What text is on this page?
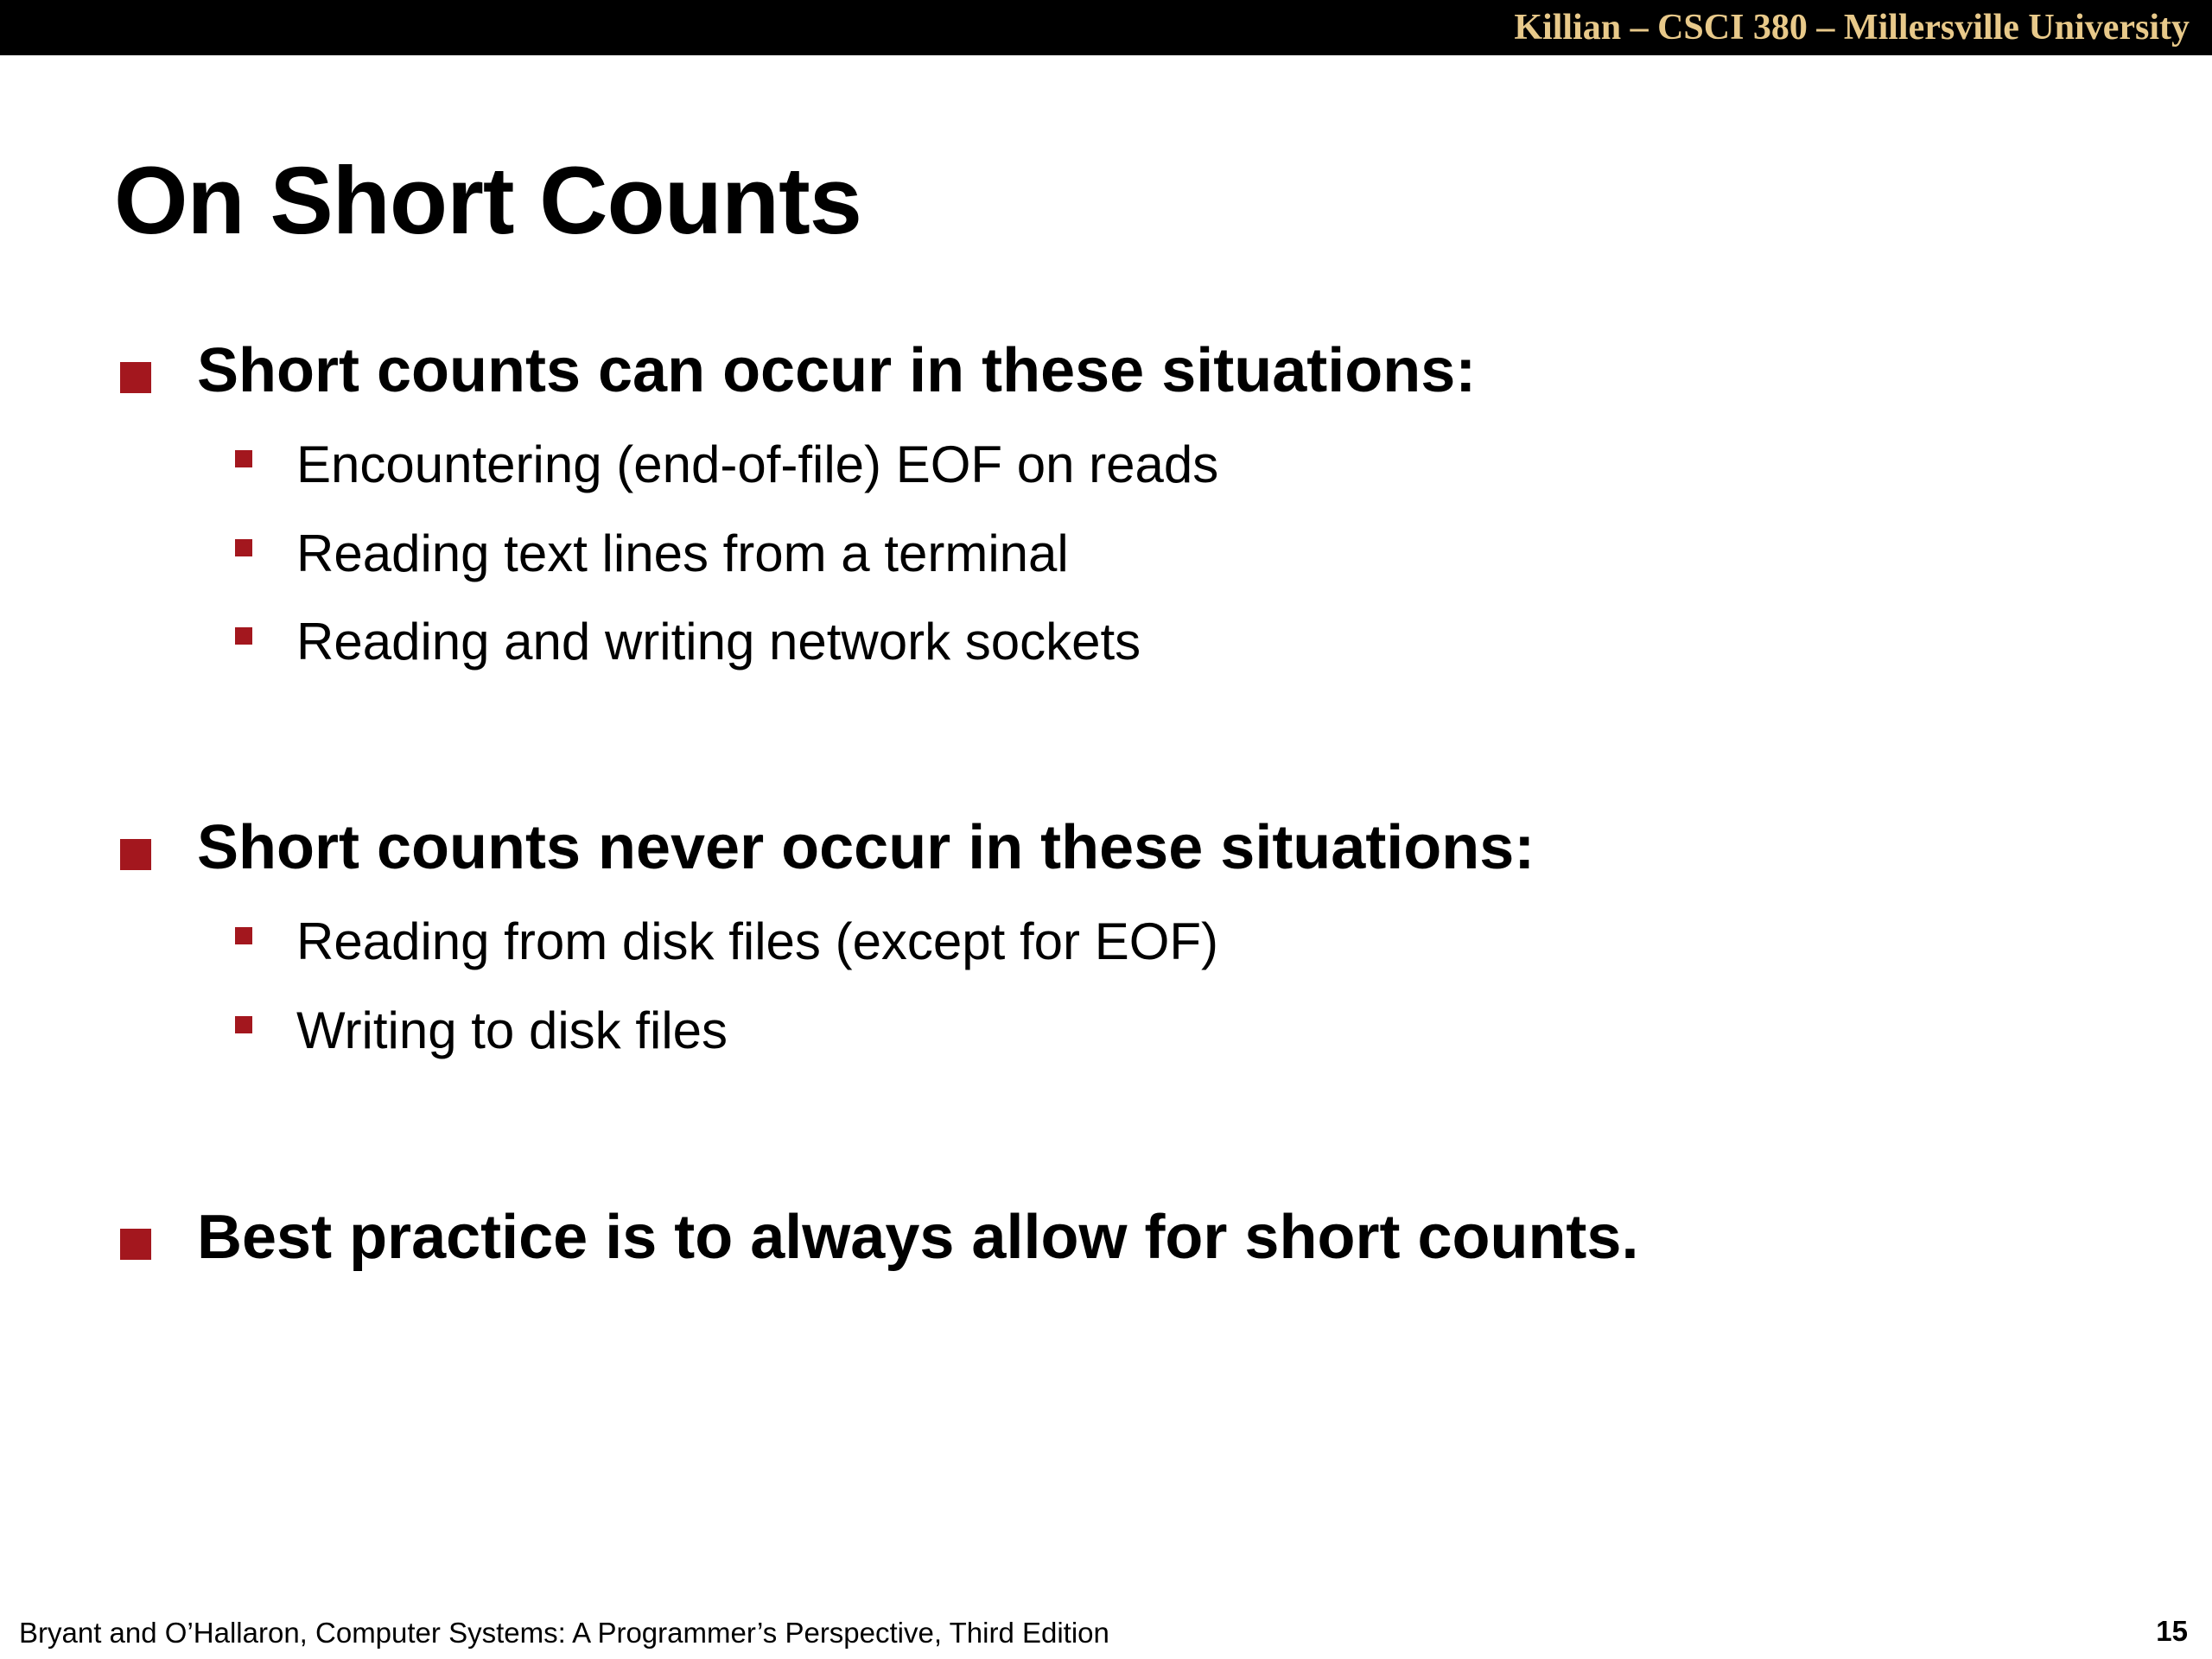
Killian – CSCI 380 – Millersville University
On Short Counts
Short counts can occur in these situations:
Encountering (end-of-file) EOF on reads
Reading text lines from a terminal
Reading and writing network sockets
Short counts never occur in these situations:
Reading from disk files (except for EOF)
Writing to disk files
Best practice is to always allow for short counts.
Bryant and O’Hallaron, Computer Systems: A Programmer’s Perspective, Third Edition	15
